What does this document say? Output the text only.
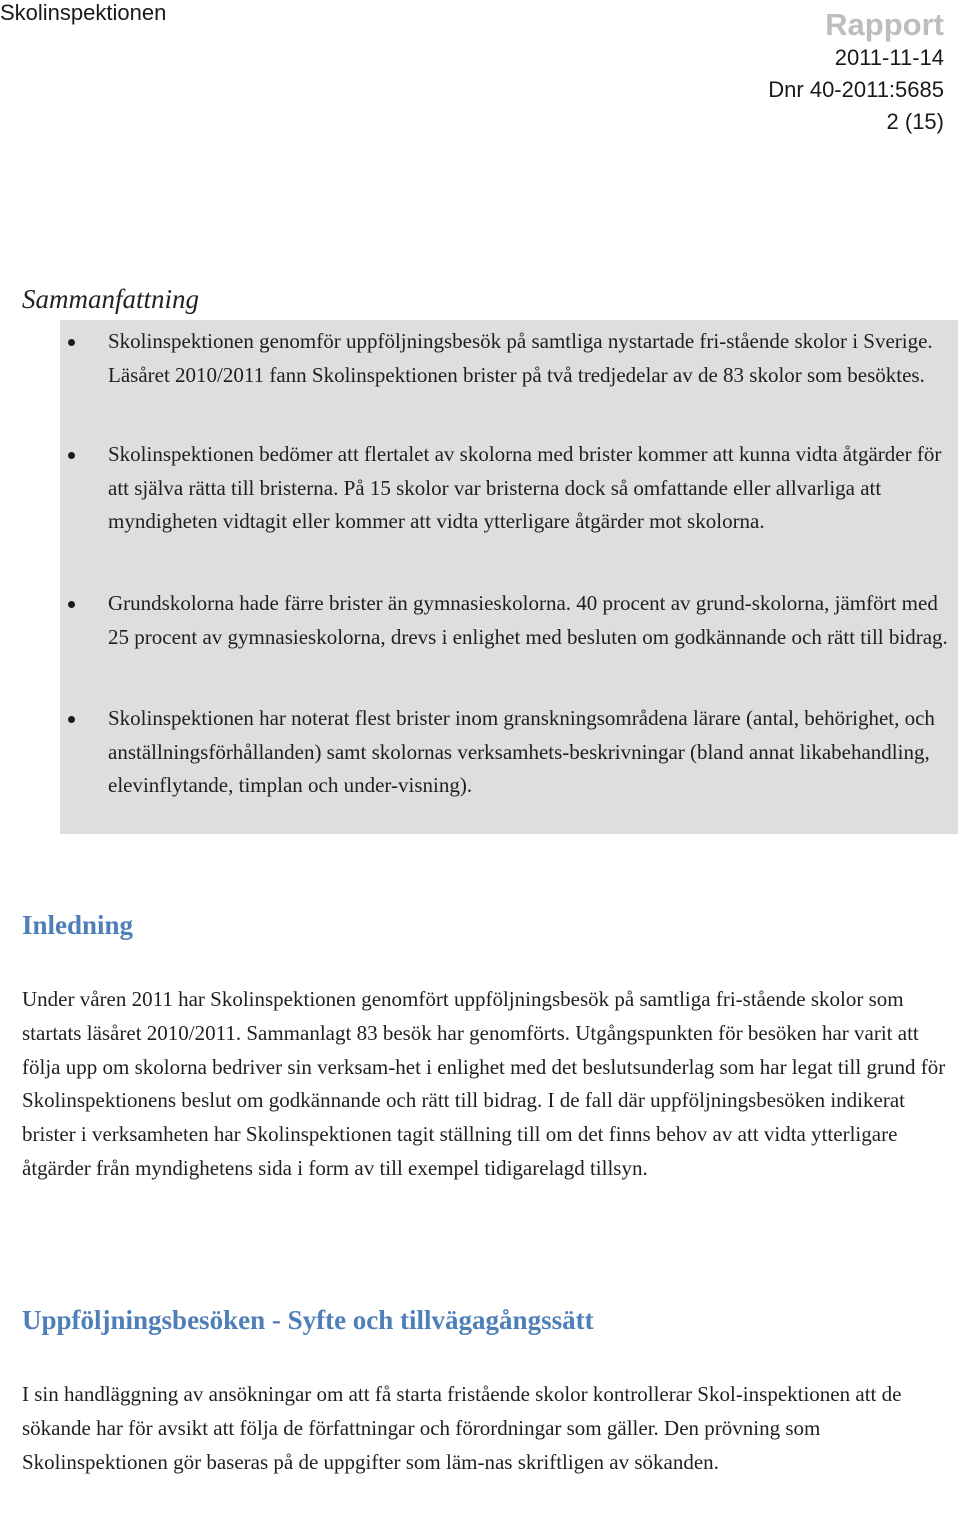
Skolinspektionen	Rapport
2011-11-14
Dnr 40-2011:5685
2 (15)
Sammanfattning
Skolinspektionen genomför uppföljningsbesök på samtliga nystartade fri-stående skolor i Sverige. Läsåret 2010/2011 fann Skolinspektionen brister på två tredjedelar av de 83 skolor som besöktes.
Skolinspektionen bedömer att flertalet av skolorna med brister kommer att kunna vidta åtgärder för att själva rätta till bristerna. På 15 skolor var bristerna dock så omfattande eller allvarliga att myndigheten vidtagit eller kommer att vidta ytterligare åtgärder mot skolorna.
Grundskolorna hade färre brister än gymnasieskolorna. 40 procent av grund-skolorna, jämfört med 25 procent av gymnasieskolorna, drevs i enlighet med besluten om godkännande och rätt till bidrag.
Skolinspektionen har noterat flest brister inom granskningsområdena lärare (antal, behörighet, och anställningsförhållanden) samt skolornas verksamhets-beskrivningar (bland annat likabehandling, elevinflytande, timplan och under-visning).
Inledning
Under våren 2011 har Skolinspektionen genomfört uppföljningsbesök på samtliga fri-stående skolor som startats läsåret 2010/2011. Sammanlagt 83 besök har genomförts. Utgångspunkten för besöken har varit att följa upp om skolorna bedriver sin verksam-het i enlighet med det beslutsunderlag som har legat till grund för Skolinspektionens beslut om godkännande och rätt till bidrag. I de fall där uppföljningsbesöken indikerat brister i verksamheten har Skolinspektionen tagit ställning till om det finns behov av att vidta ytterligare åtgärder från myndighetens sida i form av till exempel tidigarelagd tillsyn.
Uppföljningsbesöken - Syfte och tillvägagångssätt
I sin handläggning av ansökningar om att få starta fristående skolor kontrollerar Skol-inspektionen att de sökande har för avsikt att följa de författningar och förordningar som gäller. Den prövning som Skolinspektionen gör baseras på de uppgifter som läm-nas skriftligen av sökanden.
